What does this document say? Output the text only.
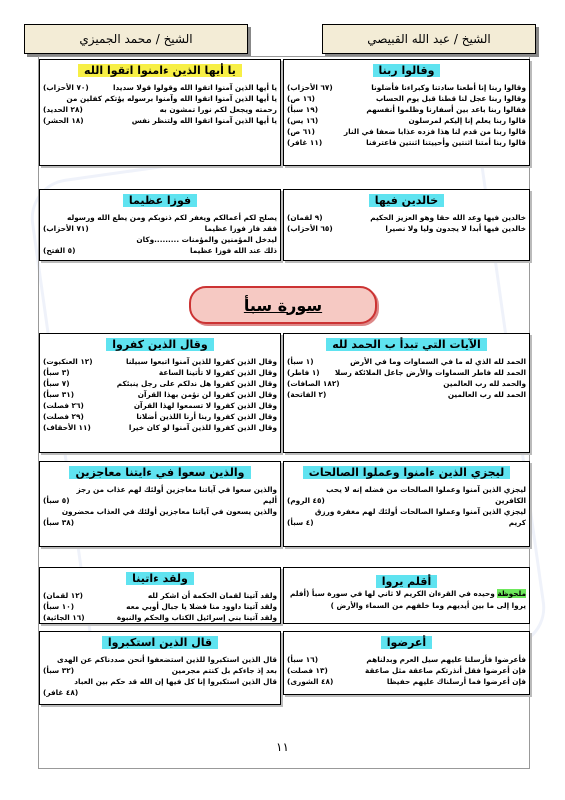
الشيخ / عبد الله القبيصي
الشيخ / محمد الجميزي
وقالوا ربنا
وقالوا ربنا إنا أطعنا سادتنا وكبراءنا فأضلونا
(٦٧ الأحزاب)
وقالوا ربنا عجل لنا قطنا قبل يوم الحساب
(١٦ ص)
فقالوا ربنا باعد بين أسفارنا وظلموا أنفسهم
(١٩ سبأ)
قالوا ربنا يعلم إنا إليكم لمرسلون
(١٦ يس)
قالوا ربنا من قدم لنا هذا فزده عذابا ضعفا في النار
(٦١ ص)
قالوا ربنا أمتنا اثنتين وأحييتنا اثنتين فاعترفنا
(١١ غافر)
يا أيها الذين ءامنوا اتقوا الله
يا أيها الذين آمنوا اتقوا الله وقولوا قولا سديدا
(٧٠ الأحزاب)
يا أيها الذين آمنوا اتقوا الله وآمنوا برسوله يؤتكم كفلين من
رحمته ويجعل لكم نورا تمشون به
(٢٨ الحديد)
يا أيها الذين آمنوا اتقوا الله ولتنظر نفس
(١٨ الحشر)
خالدين فيها
خالدين فيها وعد الله حقا وهو العزيز الحكيم
(٩ لقمان)
خالدين فيها أبدا لا يجدون وليا ولا نصيرا
(٦٥ الأحزاب)
فوزا عظيما
يصلح لكم أعمالكم ويغفر لكم ذنوبكم ومن يطع الله ورسوله
فقد فاز فوزا عظيما
(٧١ الأحزاب)
ليدخل المؤمنين والمؤمنات .........وكان
ذلك عند الله فوزا عظيما
(٥ الفتح)
سورة سبأ
الآيات التي تبدأ ب الحمد لله
الحمد لله الذي له ما في السماوات وما في الأرض
(١ سبأ)
الحمد لله فاطر السماوات والأرض جاعل الملائكة رسلا
(١ فاطر)
والحمد لله رب العالمين
(١٨٢ الصافات)
الحمد لله رب العالمين
(٢ الفاتحة)
وقال الذين كفروا
وقال الذين كفروا للذين آمنوا اتبعوا سبيلنا
(١٢ العنكبوت)
وقال الذين كفروا لا تأتينا الساعة
(٣ سبأ)
وقال الذين كفروا هل ندلكم على رجل ينبئكم
(٧ سبأ)
وقال الذين كفروا لن نؤمن بهذا القرآن
(٣١ سبأ)
وقال الذين كفروا لا تسمعوا لهذا القرآن
(٢٦ فصلت)
وقال الذين كفروا ربنا أرنا اللذين أضلانا
(٢٩ فصلت)
وقال الذين كفروا للذين آمنوا لو كان خيرا
(١١ الأحقاف)
ليجزي الذين ءامنوا وعملوا الصالحات
ليجزي الذين آمنوا وعملوا الصالحات من فضله إنه لا يحب
الكافرين
(٤٥ الروم)
ليجزي الذين آمنوا وعملوا الصالحات أولئك لهم مغفرة ورزق
كريم
(٤ سبأ)
والذين سعوا في ءايتنا معاجزين
والذين سعوا في آياتنا معاجزين أولئك لهم عذاب من رجز
أليم
(٥ سبأ)
والذين يسعون في آياتنا معاجزين أولئك في العذاب محضرون
(٣٨ سبأ)
أقلم يروا
ملحوظة وحيده في القرءان الكريم لا ثاني لها في سورة سبأ (أفلم يروا إلى ما بين أيديهم وما خلفهم من السماء والأرض )
ولقد ءاتينا
ولقد آتينا لقمان الحكمة أن اشكر لله
(١٢ لقمان)
ولقد آتينا داوود منا فضلا يا جبال أوبي معه
(١٠ سبأ)
ولقد آتينا بني إسرائيل الكتاب والحكم والنبوة
(١٦ الجاثية)
أعرضوا
فأعرضوا فأرسلنا عليهم سيل العرم وبدلناهم
(١٦ سبأ)
فإن أعرضوا فقل أنذرتكم صاعقة مثل صاعقة
(١٣ فصلت)
فإن أعرضوا فما أرسلناك عليهم حفيظا
(٤٨ الشورى)
قال الذين استكبروا
قال الذين استكبروا للذين استضعفوا أنحن صددناكم عن الهدى
بعد إذ جاءكم بل كنتم مجرمين
(٣٢ سبأ)
قال الذين استكبروا إنا كل فيها إن الله قد حكم بين العباد
(٤٨ غافر)
١١
